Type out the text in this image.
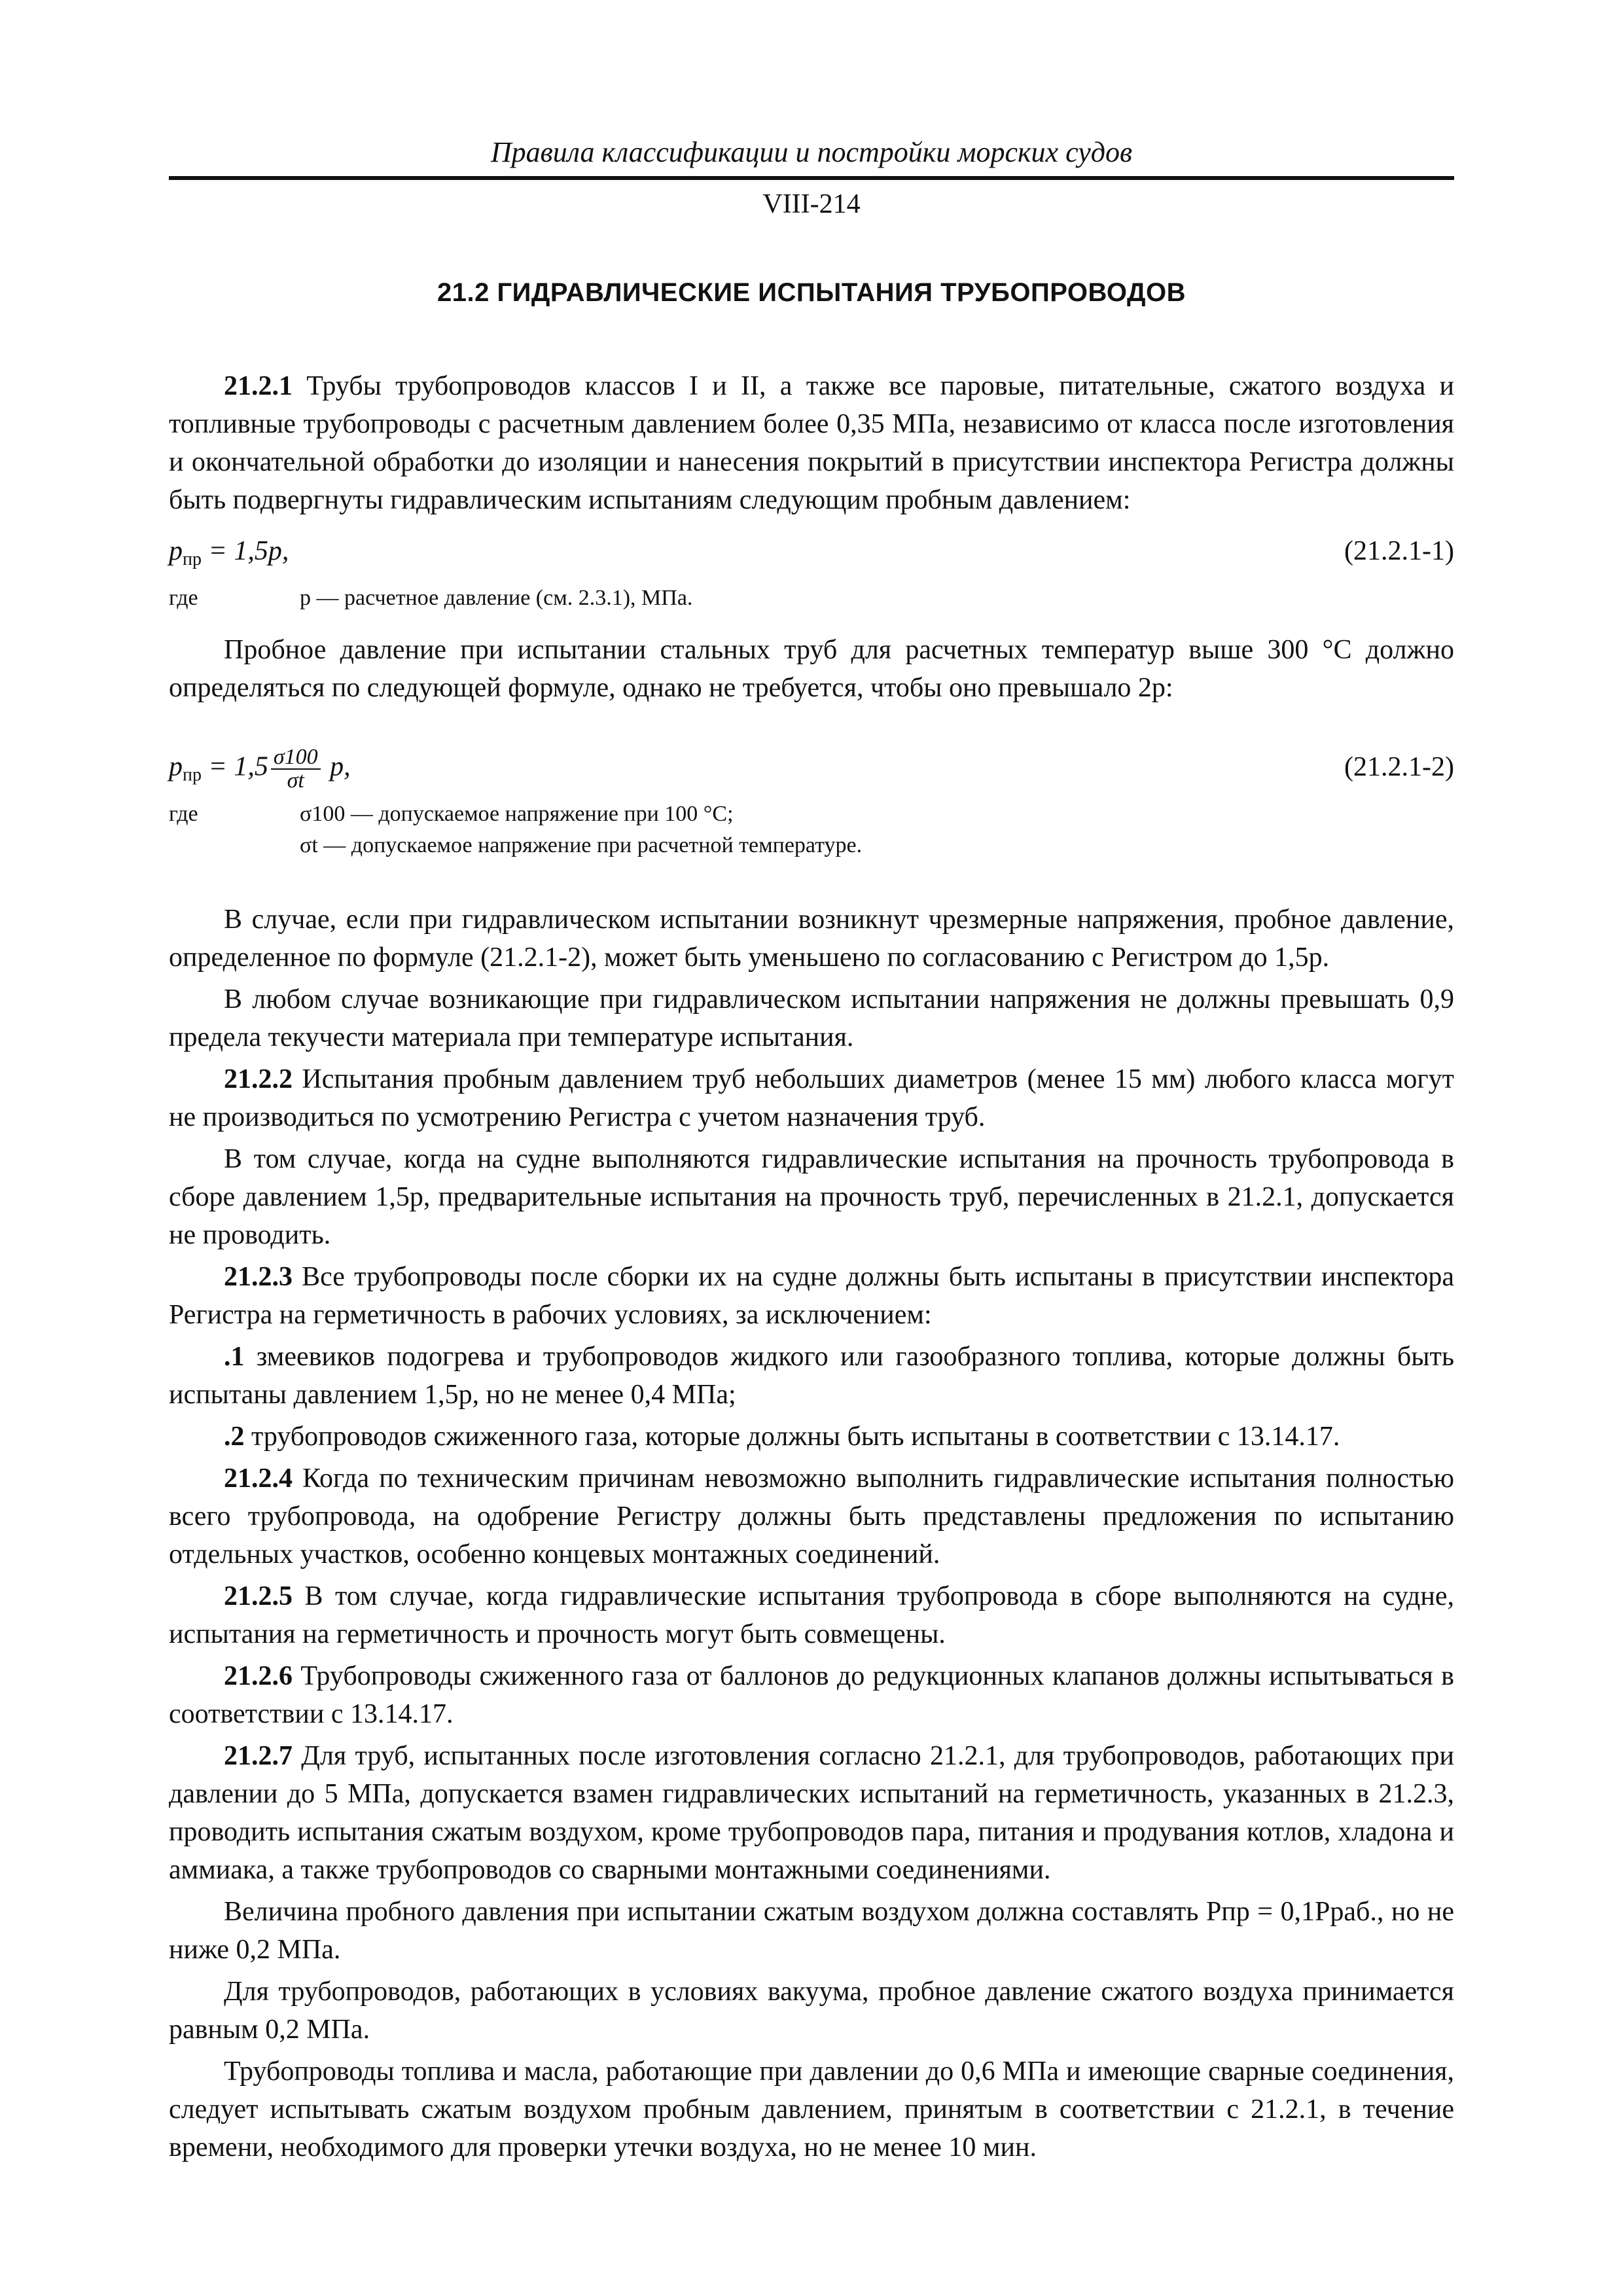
Правила классификации и постройки морских судов
VIII-214
21.2 ГИДРАВЛИЧЕСКИЕ ИСПЫТАНИЯ ТРУБОПРОВОДОВ

21.2.1 Трубы трубопроводов классов I и II, а также все паровые, питательные, сжатого воздуха и топливные трубопроводы с расчетным давлением более 0,35 МПа, независимо от класса после изготовления и окончательной обработки до изоляции и нанесения покрытий в присутствии инспектора Регистра должны быть подвергнуты гидравлическим испытаниям следующим пробным давлением:

$p_{пр} = 1,5p$,	(21.2.1-1)
где	p — расчетное давление (см. 2.3.1), МПа.

Пробное давление при испытании стальных труб для расчетных температур выше 300 °С должно определяться по следующей формуле, однако не требуется, чтобы оно превышало 2p:

$p_{пр} = 1,5 \frac{\sigma 100}{\sigma t} p$,	(21.2.1-2)
где	σ100 — допускаемое напряжение при 100 °С;
σt — допускаемое напряжение при расчетной температуре.

В случае, если при гидравлическом испытании возникнут чрезмерные напряжения, пробное давление, определенное по формуле (21.2.1-2), может быть уменьшено по согласованию с Регистром до 1,5p.

В любом случае возникающие при гидравлическом испытании напряжения не должны превышать 0,9 предела текучести материала при температуре испытания.

21.2.2 Испытания пробным давлением труб небольших диаметров (менее 15 мм) любого класса могут не производиться по усмотрению Регистра с учетом назначения труб.

В том случае, когда на судне выполняются гидравлические испытания на прочность трубопровода в сборе давлением 1,5p, предварительные испытания на прочность труб, перечисленных в 21.2.1, допускается не проводить.

21.2.3 Все трубопроводы после сборки их на судне должны быть испытаны в присутствии инспектора Регистра на герметичность в рабочих условиях, за исключением:

.1 змеевиков подогрева и трубопроводов жидкого или газообразного топлива, которые должны быть испытаны давлением 1,5p, но не менее 0,4 МПа;

.2 трубопроводов сжиженного газа, которые должны быть испытаны в соответствии с 13.14.17.

21.2.4 Когда по техническим причинам невозможно выполнить гидравлические испытания полностью всего трубопровода, на одобрение Регистру должны быть представлены предложения по испытанию отдельных участков, особенно концевых монтажных соединений.

21.2.5 В том случае, когда гидравлические испытания трубопровода в сборе выполняются на судне, испытания на герметичность и прочность могут быть совмещены.

21.2.6 Трубопроводы сжиженного газа от баллонов до редукционных клапанов должны испытываться в соответствии с 13.14.17.

21.2.7 Для труб, испытанных после изготовления согласно 21.2.1, для трубопроводов, работающих при давлении до 5 МПа, допускается взамен гидравлических испытаний на герметичность, указанных в 21.2.3, проводить испытания сжатым воздухом, кроме трубопроводов пара, питания и продувания котлов, хладона и аммиака, а также трубопроводов со сварными монтажными соединениями.

Величина пробного давления при испытании сжатым воздухом должна составлять Pпр = 0,1Pраб., но не ниже 0,2 МПа.

Для трубопроводов, работающих в условиях вакуума, пробное давление сжатого воздуха принимается равным 0,2 МПа.

Трубопроводы топлива и масла, работающие при давлении до 0,6 МПа и имеющие сварные соединения, следует испытывать сжатым воздухом пробным давлением, принятым в соответствии с 21.2.1, в течение времени, необходимого для проверки утечки воздуха, но не менее 10 мин.
